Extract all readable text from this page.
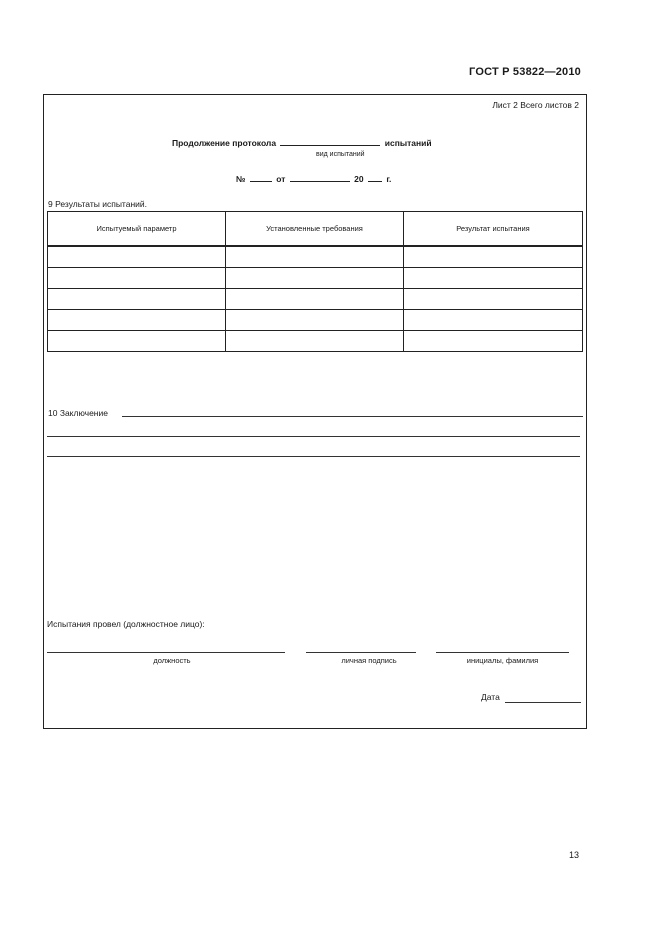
ГОСТ Р 53822—2010
Лист 2 Всего листов 2
Продолжение протокола	испытаний
вид испытаний
№	от	20	г.
9 Результаты испытаний.
Испытуемый параметр	Установленные требования	Результат испытания

10 Заключение
Испытания провел (должностное лицо):
должность	личная подпись	инициалы, фамилия
Дата
13
